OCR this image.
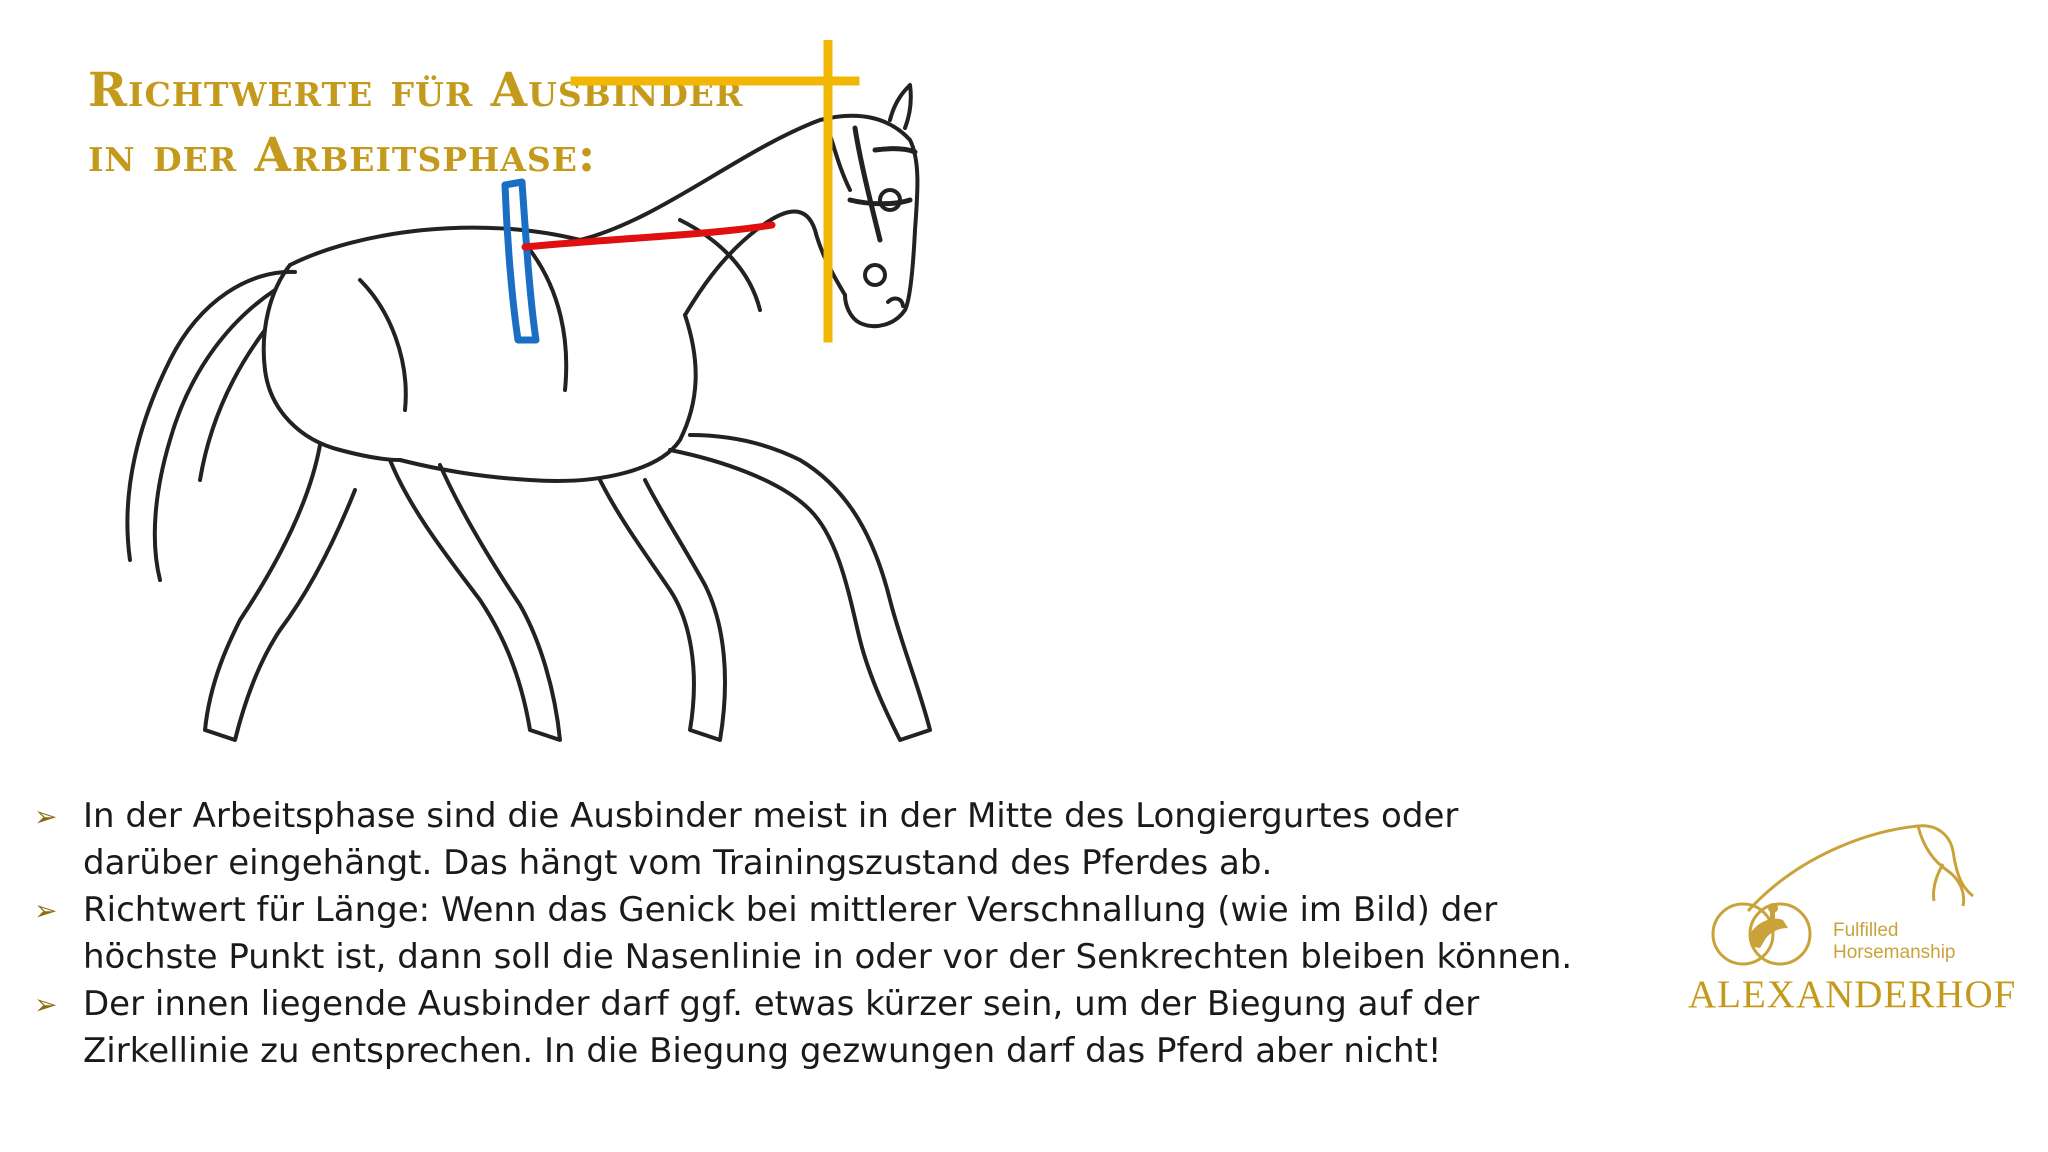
Richtwerte für Ausbinder
in der Arbeitsphase:
➢ In der Arbeitsphase sind die Ausbinder meist in der Mitte des Longiergurtes oder darüber eingehängt. Das hängt vom Trainingszustand des Pferdes ab.
➢ Richtwert für Länge: Wenn das Genick bei mittlerer Verschnallung (wie im Bild) der höchste Punkt ist, dann soll die Nasenlinie in oder vor der Senkrechten bleiben können.
➢ Der innen liegende Ausbinder darf ggf. etwas kürzer sein, um der Biegung auf der Zirkellinie zu entsprechen. In die Biegung gezwungen darf das Pferd aber nicht!
Fulfilled
Horsemanship
ALEXANDERHOF
